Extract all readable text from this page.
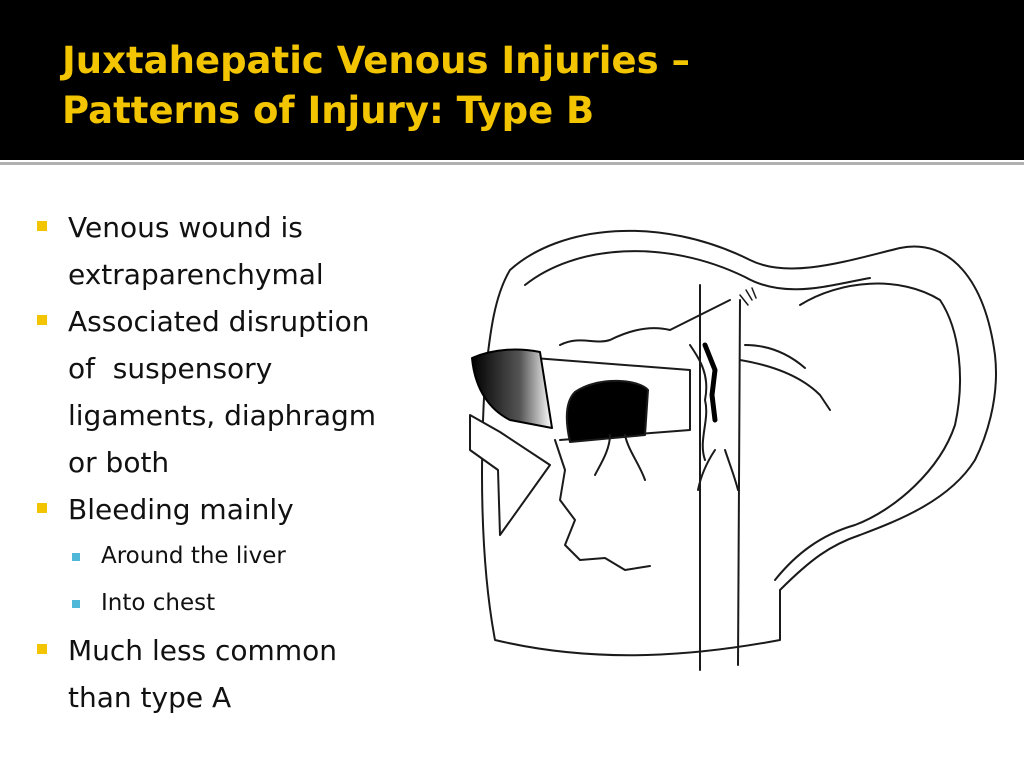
Juxtahepatic Venous Injuries –
Patterns of Injury: Type B
Venous wound is
extraparenchymal
Associated disruption
of  suspensory
ligaments, diaphragm
or both
Bleeding mainly
Around the liver
Into chest
Much less common
than type A
